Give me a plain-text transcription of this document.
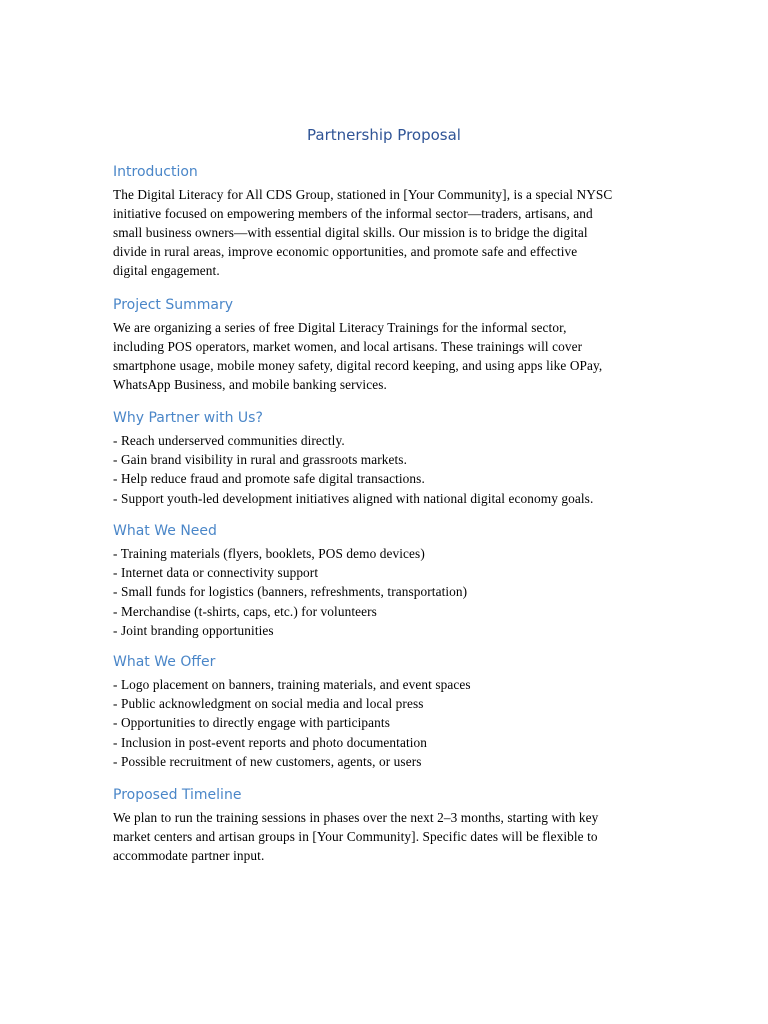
Partnership Proposal
Introduction

The Digital Literacy for All CDS Group, stationed in [Your Community], is a special NYSC
initiative focused on empowering members of the informal sector—traders, artisans, and
small business owners—with essential digital skills. Our mission is to bridge the digital
divide in rural areas, improve economic opportunities, and promote safe and effective
digital engagement.

Project Summary

We are organizing a series of free Digital Literacy Trainings for the informal sector,
including POS operators, market women, and local artisans. These trainings will cover
smartphone usage, mobile money safety, digital record keeping, and using apps like OPay,
WhatsApp Business, and mobile banking services.

Why Partner with Us?
- Reach underserved communities directly.
- Gain brand visibility in rural and grassroots markets.
- Help reduce fraud and promote safe digital transactions.
- Support youth-led development initiatives aligned with national digital economy goals.
What We Need
- Training materials (flyers, booklets, POS demo devices)
- Internet data or connectivity support
- Small funds for logistics (banners, refreshments, transportation)
- Merchandise (t-shirts, caps, etc.) for volunteers
- Joint branding opportunities
What We Offer
- Logo placement on banners, training materials, and event spaces
- Public acknowledgment on social media and local press
- Opportunities to directly engage with participants
- Inclusion in post-event reports and photo documentation
- Possible recruitment of new customers, agents, or users
Proposed Timeline

We plan to run the training sessions in phases over the next 2–3 months, starting with key
market centers and artisan groups in [Your Community]. Specific dates will be flexible to
accommodate partner input.
